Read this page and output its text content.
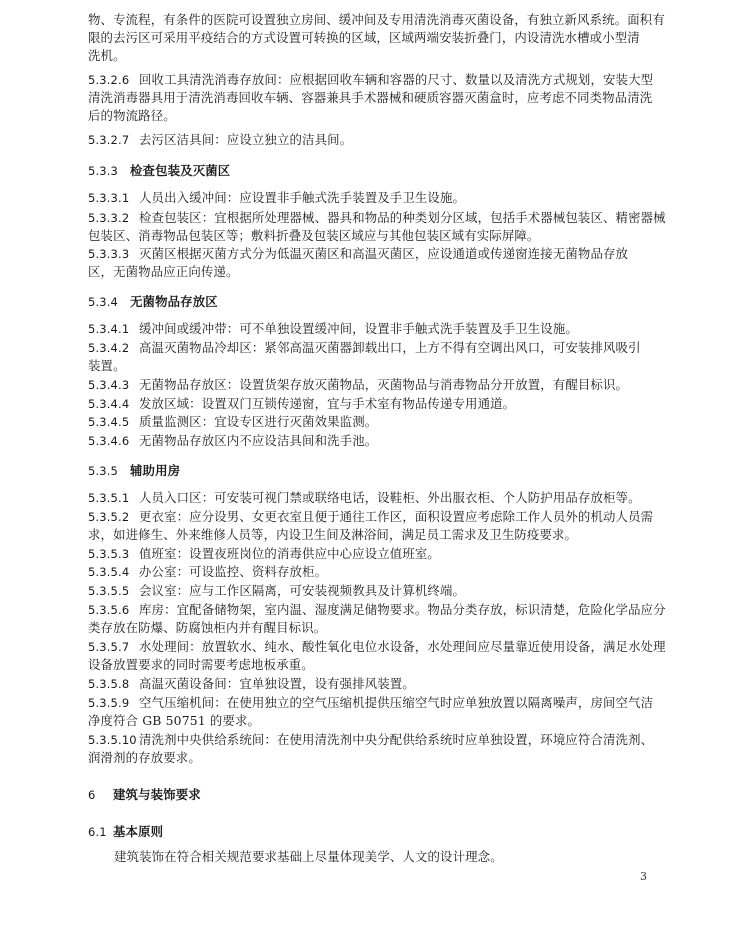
物、专流程，有条件的医院可设置独立房间、缓冲间及专用清洗消毒灭菌设备，有独立新风系统。面积有
限的去污区可采用平疫结合的方式设置可转换的区域，区域两端安装折叠门，内设清洗水槽或小型清
洗机。
5.3.2.6 回收工具清洗消毒存放间：应根据回收车辆和容器的尺寸、数量以及清洗方式规划，安装大型
清洗消毒器具用于清洗消毒回收车辆、容器兼具手术器械和硬质容器灭菌盒时，应考虑不同类物品清洗
后的物流路径。
5.3.2.7 去污区洁具间：应设立独立的洁具间。
5.3.3 检查包装及灭菌区
5.3.3.1 人员出入缓冲间：应设置非手触式洗手装置及手卫生设施。
5.3.3.2 检查包装区：宜根据所处理器械、器具和物品的种类划分区域，包括手术器械包装区、精密器械
包装区、消毒物品包装区等；敷料折叠及包装区域应与其他包装区域有实际屏障。
5.3.3.3 灭菌区根据灭菌方式分为低温灭菌区和高温灭菌区，应设通道或传递窗连接无菌物品存放
区，无菌物品应正向传递。
5.3.4 无菌物品存放区
5.3.4.1 缓冲间或缓冲带：可不单独设置缓冲间，设置非手触式洗手装置及手卫生设施。
5.3.4.2 高温灭菌物品冷却区：紧邻高温灭菌器卸载出口，上方不得有空调出风口，可安装排风吸引
装置。
5.3.4.3 无菌物品存放区：设置货架存放灭菌物品，灭菌物品与消毒物品分开放置，有醒目标识。
5.3.4.4 发放区域：设置双门互锁传递窗，宜与手术室有物品传递专用通道。
5.3.4.5 质量监测区：宜设专区进行灭菌效果监测。
5.3.4.6 无菌物品存放区内不应设洁具间和洗手池。
5.3.5 辅助用房
5.3.5.1 人员入口区：可安装可视门禁或联络电话，设鞋柜、外出服衣柜、个人防护用品存放柜等。
5.3.5.2 更衣室：应分设男、女更衣室且便于通往工作区，面积设置应考虑除工作人员外的机动人员需
求，如进修生、外来维修人员等，内设卫生间及淋浴间，满足员工需求及卫生防疫要求。
5.3.5.3 值班室：设置夜班岗位的消毒供应中心应设立值班室。
5.3.5.4 办公室：可设监控、资料存放柜。
5.3.5.5 会议室：应与工作区隔离，可安装视频教具及计算机终端。
5.3.5.6 库房：宜配备储物架，室内温、湿度满足储物要求。物品分类存放，标识清楚，危险化学品应分
类存放在防爆、防腐蚀柜内并有醒目标识。
5.3.5.7 水处理间：放置软水、纯水、酸性氧化电位水设备，水处理间应尽量靠近使用设备，满足水处理
设备放置要求的同时需要考虑地板承重。
5.3.5.8 高温灭菌设备间：宜单独设置，设有强排风装置。
5.3.5.9 空气压缩机间：在使用独立的空气压缩机提供压缩空气时应单独放置以隔离噪声，房间空气洁
净度符合 GB 50751 的要求。
5.3.5.10 清洗剂中央供给系统间：在使用清洗剂中央分配供给系统时应单独设置，环境应符合清洗剂、
润滑剂的存放要求。
6 建筑与装饰要求
6.1 基本原则
建筑装饰在符合相关规范要求基础上尽量体现美学、人文的设计理念。
3
